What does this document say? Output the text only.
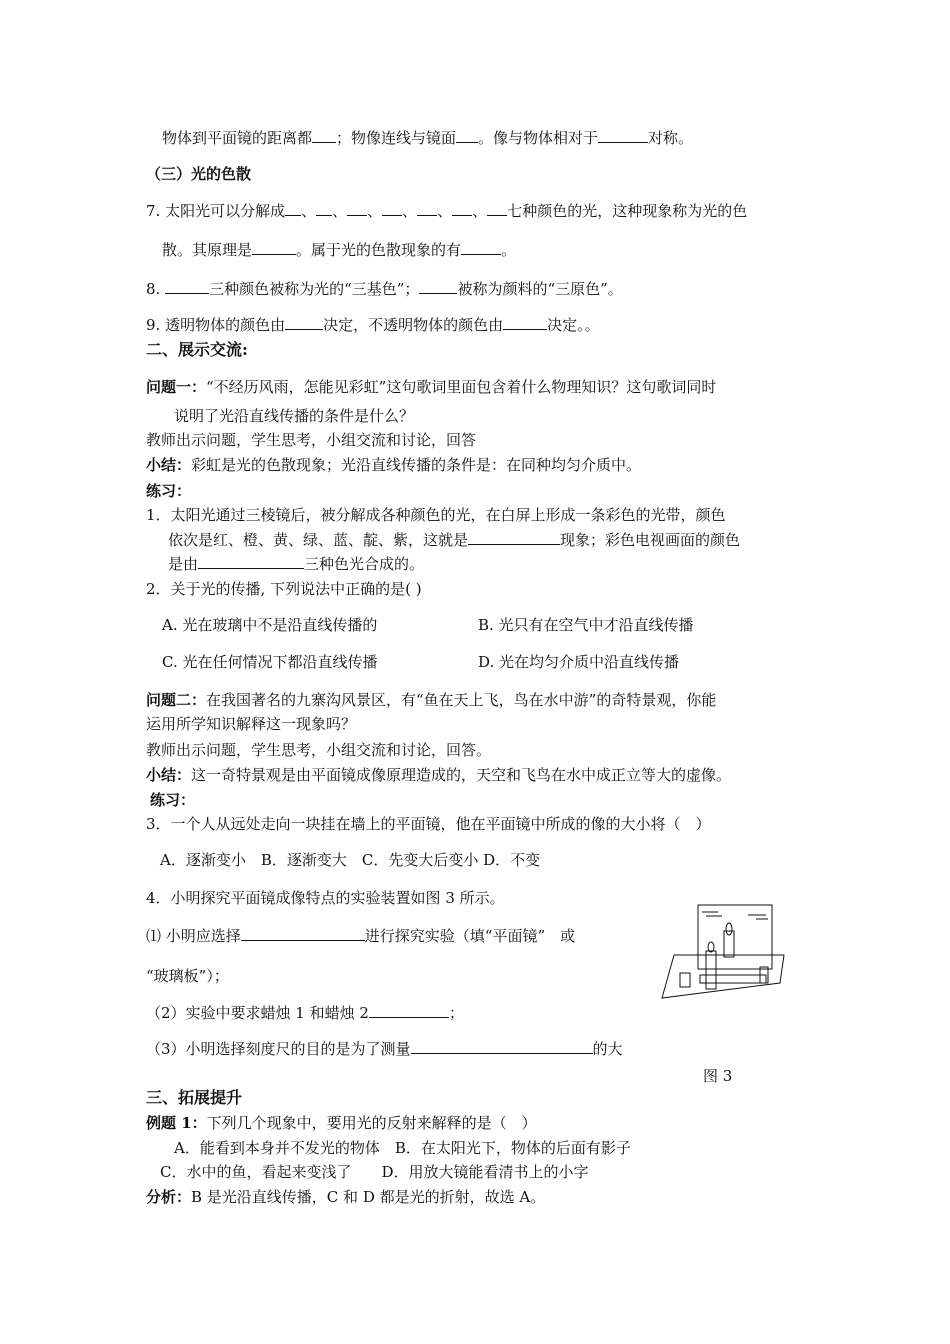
物体到平面镜的距离都 ；物像连线与镜面 。像与物体相对于	对称。
（三）光的色散
7. 太阳光可以分解成 、 、 、 、 、 、 七种颜色的光，这种现象称为光的色
散。其原理是	。属于光的色散现象的有	。
8.	三种颜色被称为光的“三基色”；	被称为颜料的“三原色”。
9. 透明物体的颜色由	决定，不透明物体的颜色由	决定。。
二、展示交流:
问题一：“不经历风雨，怎能见彩虹”这句歌词里面包含着什么物理知识？这句歌词同时
说明了光沿直线传播的条件是什么？
教师出示问题，学生思考，小组交流和讨论，回答
小结：彩虹是光的色散现象；光沿直线传播的条件是：在同种均匀介质中。
练习：
1．太阳光通过三棱镜后，被分解成各种颜色的光，在白屏上形成一条彩色的光带，颜色
依次是红、橙、黄、绿、蓝、靛、紫，这就是	现象；彩色电视画面的颜色
是由	三种色光合成的。
2．关于光的传播, 下列说法中正确的是( )
A. 光在玻璃中不是沿直线传播的	B. 光只有在空气中才沿直线传播
C. 光在任何情况下都沿直线传播	D. 光在均匀介质中沿直线传播
问题二：在我国著名的九寨沟风景区，有“鱼在天上飞，鸟在水中游”的奇特景观，你能
运用所学知识解释这一现象吗？
教师出示问题，学生思考，小组交流和讨论，回答。
小结：这一奇特景观是由平面镜成像原理造成的，天空和飞鸟在水中成正立等大的虚像。
练习：
3．一个人从远处走向一块挂在墙上的平面镜，他在平面镜中所成的像的大小将（　）
A．逐渐变小　B．逐渐变大　C．先变大后变小 D．不变
4．小明探究平面镜成像特点的实验装置如图 3 所示。
⑴ 小明应选择	进行探究实验（填“平面镜”　或
“玻璃板”）；
（2）实验中要求蜡烛 1 和蜡烛 2	；
（3）小明选择刻度尺的目的是为了测量	的大
图 3
三、拓展提升
例题 1：下列几个现象中，要用光的反射来解释的是（　）
A．能看到本身并不发光的物体　B．在太阳光下，物体的后面有影子
C．水中的鱼，看起来变浅了　　D．用放大镜能看清书上的小字
分析：B 是光沿直线传播，C 和 D 都是光的折射，故选 A。
